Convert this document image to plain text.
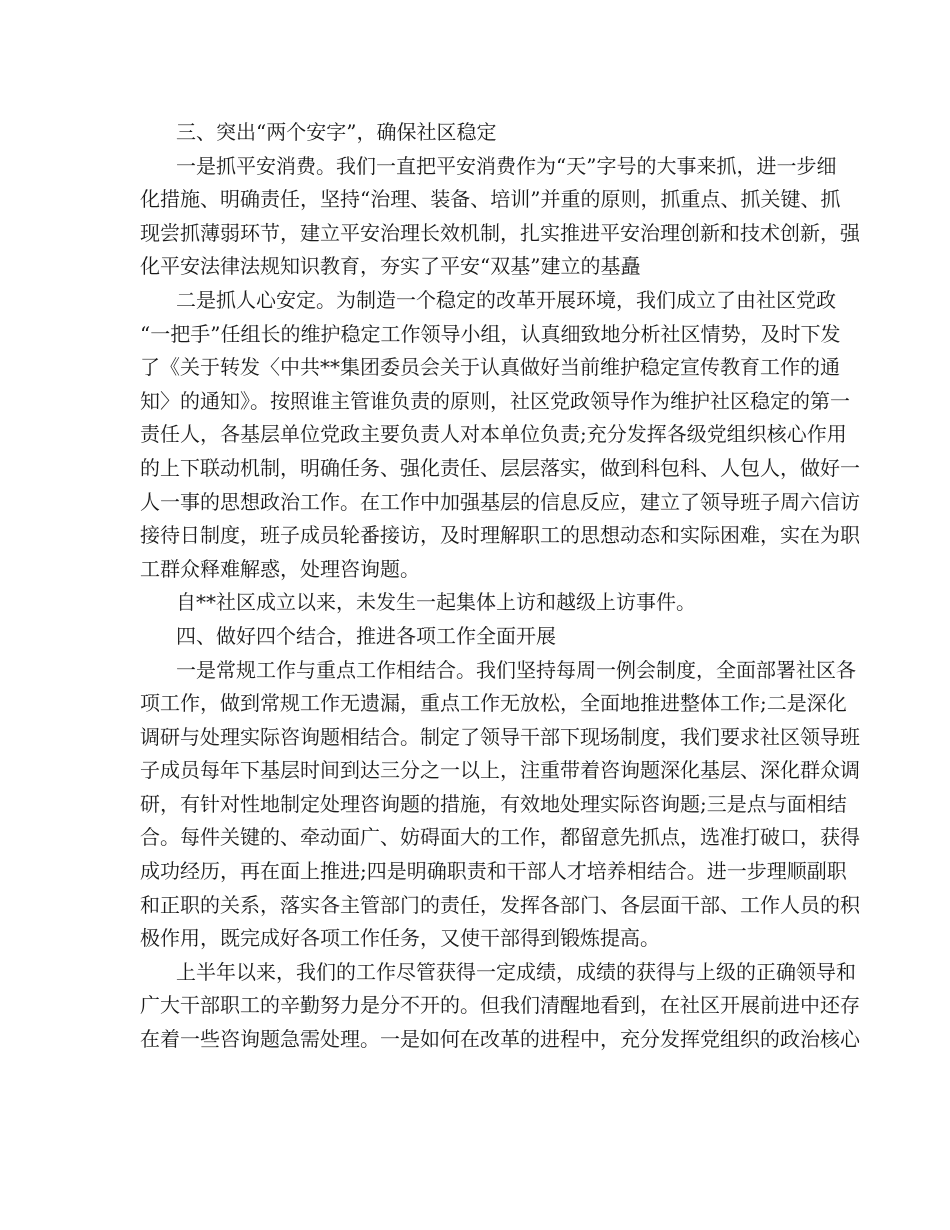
三、突出“两个安字”，确保社区稳定
一是抓平安消费。我们一直把平安消费作为“天”字号的大事来抓，进一步细
化措施、明确责任，坚持“治理、装备、培训”并重的原则，抓重点、抓关键、抓
现尝抓薄弱环节，建立平安治理长效机制，扎实推进平安治理创新和技术创新，强
化平安法律法规知识教育，夯实了平安“双基”建立的基矗
二是抓人心安定。为制造一个稳定的改革开展环境，我们成立了由社区党政
“一把手”任组长的维护稳定工作领导小组，认真细致地分析社区情势，及时下发
了《关于转发〈中共**集团委员会关于认真做好当前维护稳定宣传教育工作的通
知〉的通知》。按照谁主管谁负责的原则，社区党政领导作为维护社区稳定的第一
责任人，各基层单位党政主要负责人对本单位负责;充分发挥各级党组织核心作用
的上下联动机制，明确任务、强化责任、层层落实，做到科包科、人包人，做好一
人一事的思想政治工作。在工作中加强基层的信息反应，建立了领导班子周六信访
接待日制度，班子成员轮番接访，及时理解职工的思想动态和实际困难，实在为职
工群众释难解惑，处理咨询题。
自**社区成立以来，未发生一起集体上访和越级上访事件。
四、做好四个结合，推进各项工作全面开展
一是常规工作与重点工作相结合。我们坚持每周一例会制度，全面部署社区各
项工作，做到常规工作无遗漏，重点工作无放松，全面地推进整体工作;二是深化
调研与处理实际咨询题相结合。制定了领导干部下现场制度，我们要求社区领导班
子成员每年下基层时间到达三分之一以上，注重带着咨询题深化基层、深化群众调
研，有针对性地制定处理咨询题的措施，有效地处理实际咨询题;三是点与面相结
合。每件关键的、牵动面广、妨碍面大的工作，都留意先抓点，选准打破口，获得
成功经历，再在面上推进;四是明确职责和干部人才培养相结合。进一步理顺副职
和正职的关系，落实各主管部门的责任，发挥各部门、各层面干部、工作人员的积
极作用，既完成好各项工作任务，又使干部得到锻炼提高。
上半年以来，我们的工作尽管获得一定成绩，成绩的获得与上级的正确领导和
广大干部职工的辛勤努力是分不开的。但我们清醒地看到，在社区开展前进中还存
在着一些咨询题急需处理。一是如何在改革的进程中，充分发挥党组织的政治核心
